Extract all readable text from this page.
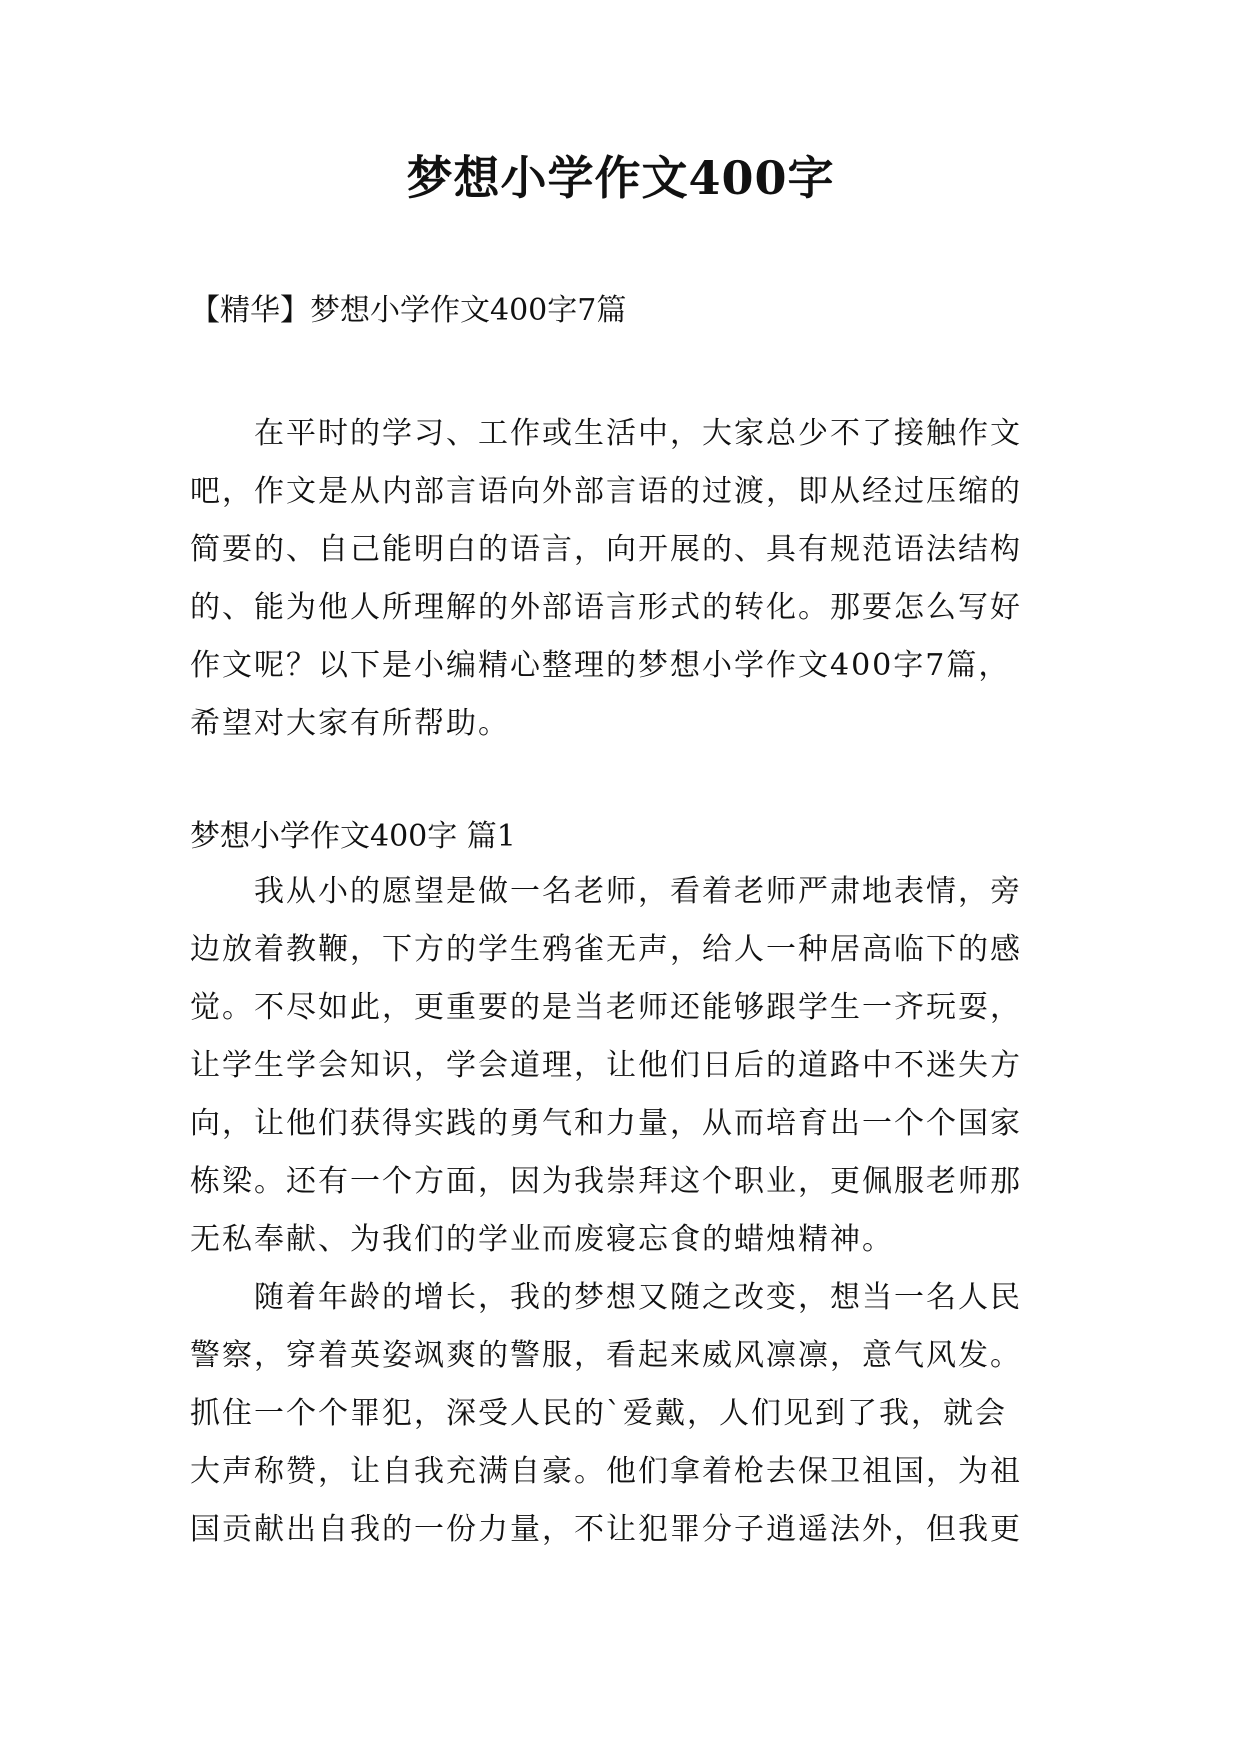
梦想小学作文400字
【精华】梦想小学作文400字7篇
　　在平时的学习、工作或生活中，大家总少不了接触作文
吧，作文是从内部言语向外部言语的过渡，即从经过压缩的
简要的、自己能明白的语言，向开展的、具有规范语法结构
的、能为他人所理解的外部语言形式的转化。那要怎么写好
作文呢？以下是小编精心整理的梦想小学作文400字7篇，
希望对大家有所帮助。
梦想小学作文400字 篇1
　　我从小的愿望是做一名老师，看着老师严肃地表情，旁
边放着教鞭，下方的学生鸦雀无声，给人一种居高临下的感
觉。不尽如此，更重要的是当老师还能够跟学生一齐玩耍，
让学生学会知识，学会道理，让他们日后的道路中不迷失方
向，让他们获得实践的勇气和力量，从而培育出一个个国家
栋梁。还有一个方面，因为我崇拜这个职业，更佩服老师那
无私奉献、为我们的学业而废寝忘食的蜡烛精神。
　　随着年龄的增长，我的梦想又随之改变，想当一名人民
警察，穿着英姿飒爽的警服，看起来威风凛凛，意气风发。
抓住一个个罪犯，深受人民的`爱戴，人们见到了我，就会
大声称赞，让自我充满自豪。他们拿着枪去保卫祖国，为祖
国贡献出自我的一份力量，不让犯罪分子逍遥法外，但我更
